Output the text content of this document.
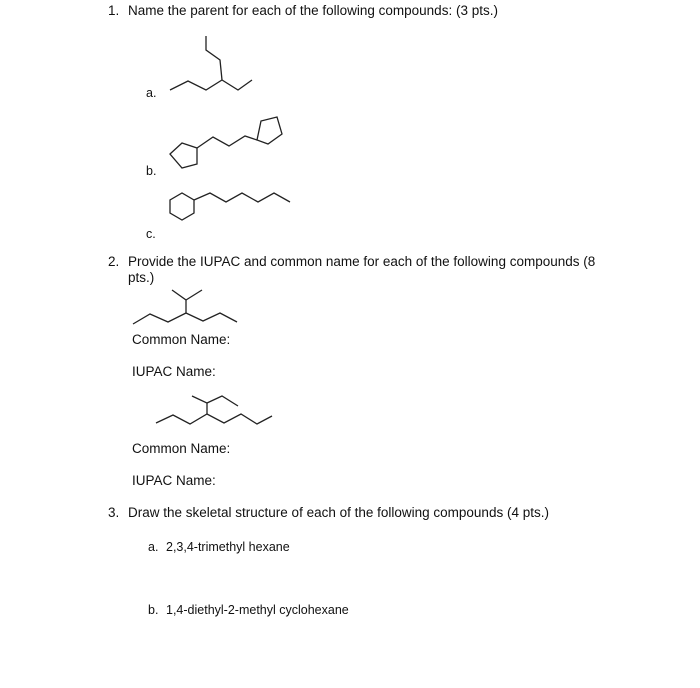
1. Name the parent for each of the following compounds: (3 pts.)
a.
b.
c.
2. Provide the IUPAC and common name for each of the following compounds (8
pts.)
Common Name:
IUPAC Name:
Common Name:
IUPAC Name:
3. Draw the skeletal structure of each of the following compounds (4 pts.)
a. 2,3,4-trimethyl hexane
b. 1,4-diethyl-2-methyl cyclohexane
